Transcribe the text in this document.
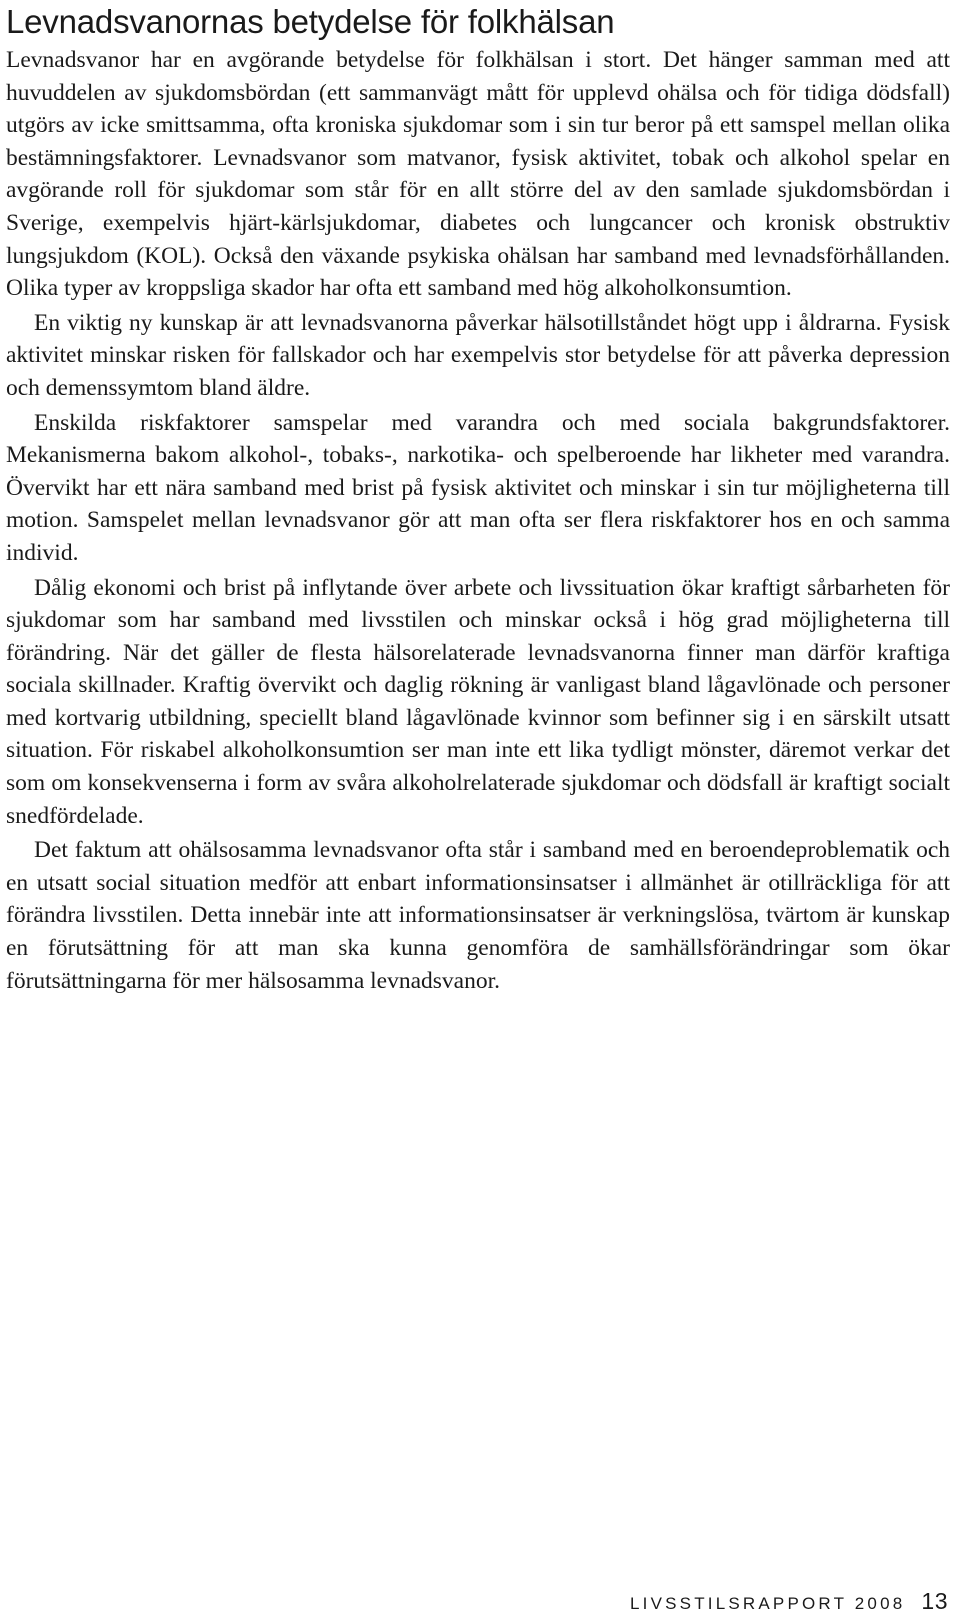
Levnadsvanornas betydelse för folkhälsan

Levnadsvanor har en avgörande betydelse för folkhälsan i stort. Det hänger samman med att huvuddelen av sjukdomsbördan (ett sammanvägt mått för upplevd ohälsa och för tidiga dödsfall) utgörs av icke smittsamma, ofta kroniska sjukdomar som i sin tur beror på ett samspel mellan olika bestämningsfaktorer. Levnadsvanor som matvanor, fysisk aktivitet, tobak och alkohol spelar en avgörande roll för sjukdomar som står för en allt större del av den samlade sjukdomsbördan i Sverige, exempelvis hjärt-kärlsjukdomar, diabetes och lungcancer och kronisk obstruktiv lungsjukdom (KOL). Också den växande psykiska ohälsan har samband med levnadsförhållanden. Olika typer av kroppsliga skador har ofta ett samband med hög alkoholkonsumtion.

En viktig ny kunskap är att levnadsvanorna påverkar hälsotillståndet högt upp i åldrarna. Fysisk aktivitet minskar risken för fallskador och har exempelvis stor betydelse för att påverka depression och demenssymtom bland äldre.

Enskilda riskfaktorer samspelar med varandra och med sociala bakgrundsfaktorer. Mekanismerna bakom alkohol-, tobaks-, narkotika- och spelberoende har likheter med varandra. Övervikt har ett nära samband med brist på fysisk aktivitet och minskar i sin tur möjligheterna till motion. Samspelet mellan levnadsvanor gör att man ofta ser flera riskfaktorer hos en och samma individ.

Dålig ekonomi och brist på inflytande över arbete och livssituation ökar kraftigt sårbarheten för sjukdomar som har samband med livsstilen och minskar också i hög grad möjligheterna till förändring. När det gäller de flesta hälsorelaterade levnadsvanorna finner man därför kraftiga sociala skillnader. Kraftig övervikt och daglig rökning är vanligast bland lågavlönade och personer med kortvarig utbildning, speciellt bland lågavlönade kvinnor som befinner sig i en särskilt utsatt situation. För riskabel alkoholkonsumtion ser man inte ett lika tydligt mönster, däremot verkar det som om konsekvenserna i form av svåra alkoholrelaterade sjukdomar och dödsfall är kraftigt socialt snedfördelade.

Det faktum att ohälsosamma levnadsvanor ofta står i samband med en beroendeproblematik och en utsatt social situation medför att enbart informationsinsatser i allmänhet är otillräckliga för att förändra livsstilen. Detta innebär inte att informationsinsatser är verkningslösa, tvärtom är kunskap en förutsättning för att man ska kunna genomföra de samhällsförändringar som ökar förutsättningarna för mer hälsosamma levnadsvanor.

LIVSSTILSRAPPORT 2008 13
